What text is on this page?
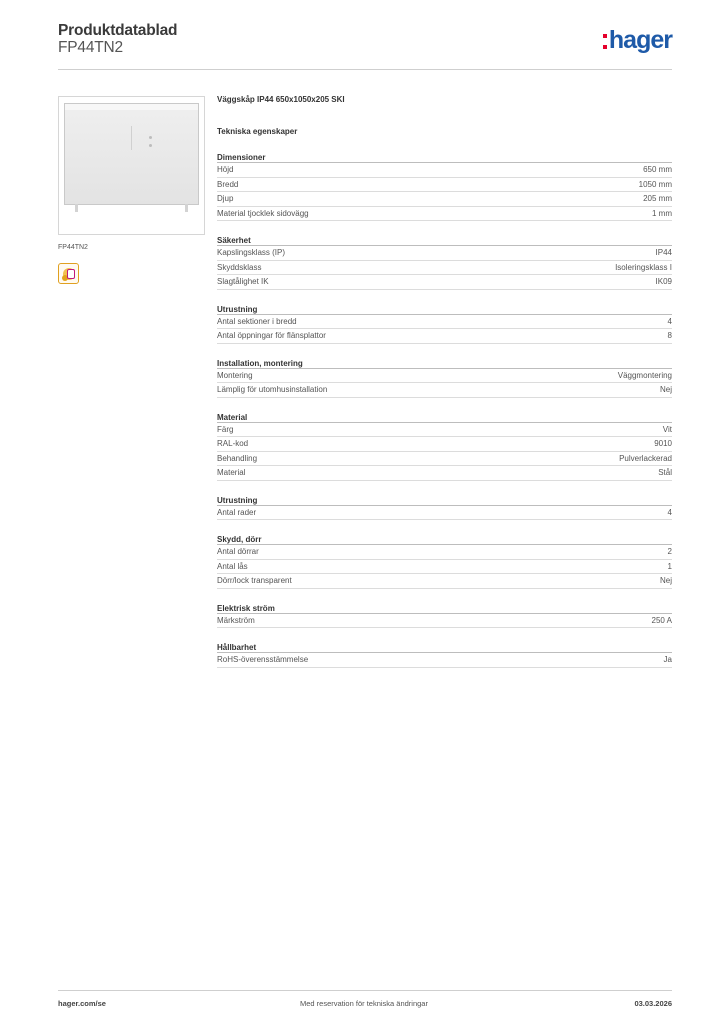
Produktdatablad
FP44TN2	hager
FP44TN2
Väggskåp IP44 650x1050x205 SKI
Tekniska egenskaper
Dimensioner
Höjd	650 mm
Bredd	1050 mm
Djup	205 mm
Material tjocklek sidovägg	1 mm
Säkerhet
Kapslingsklass (IP)	IP44
Skyddsklass	Isoleringsklass I
Slagtålighet IK	IK09
Utrustning
Antal sektioner i bredd	4
Antal öppningar för flänsplattor	8
Installation, montering
Montering	Väggmontering
Lämplig för utomhusinstallation	Nej
Material
Färg	Vit
RAL-kod	9010
Behandling	Pulverlackerad
Material	Stål
Utrustning
Antal rader	4
Skydd, dörr
Antal dörrar	2
Antal lås	1
Dörr/lock transparent	Nej
Elektrisk ström
Märkström	250 A
Hållbarhet
RoHS-överensstämmelse	Ja
hager.com/se	Med reservation för tekniska ändringar	03.03.2026
